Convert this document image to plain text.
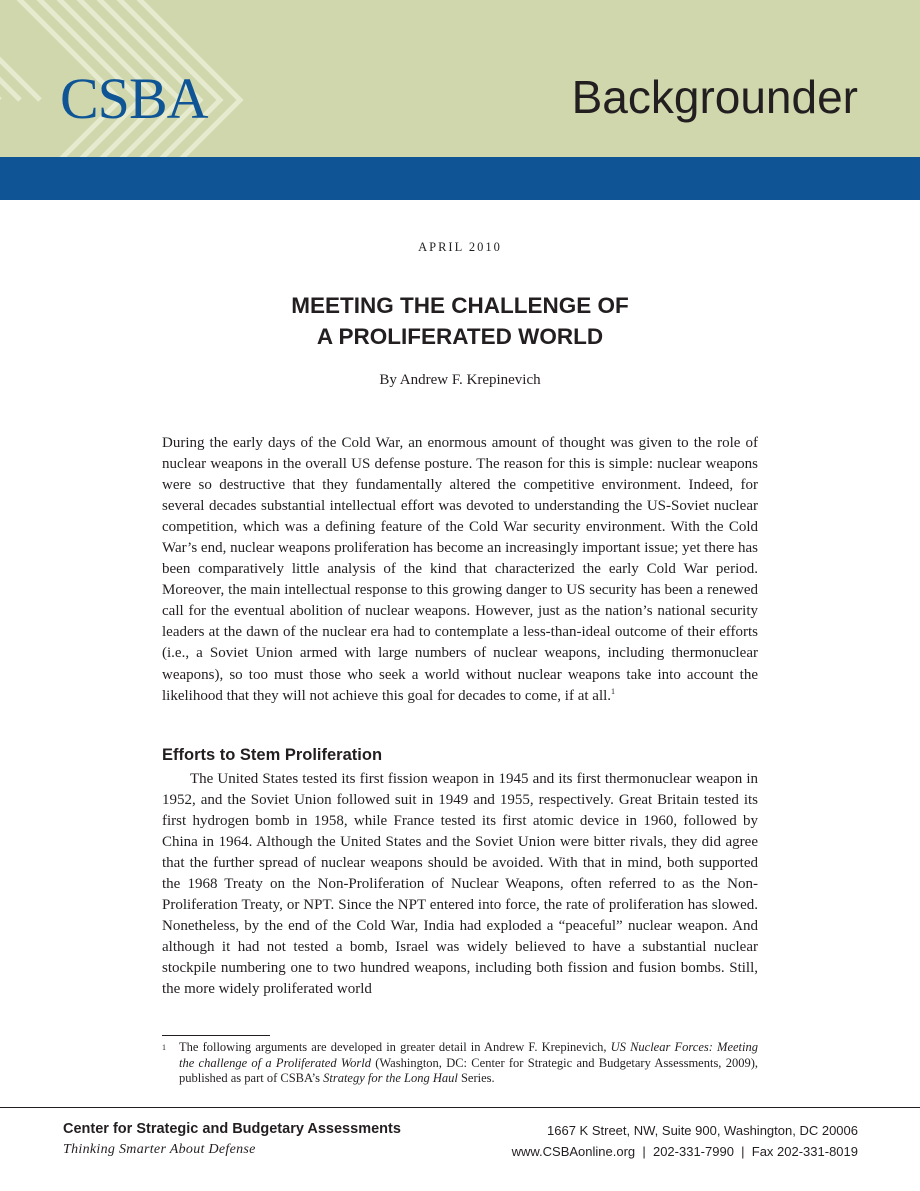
CSBA	Backgrounder
APRIL 2010
MEETING THE CHALLENGE OF
A PROLIFERATED WORLD
By Andrew F. Krepinevich
During the early days of the Cold War, an enormous amount of thought was given to the role of nuclear weapons in the overall US defense posture. The reason for this is simple: nuclear weapons were so destructive that they fundamentally altered the competitive environment. Indeed, for several decades substantial intellectual effort was devoted to understanding the US-Soviet nuclear competition, which was a defining feature of the Cold War security environment. With the Cold War’s end, nuclear weapons proliferation has become an increasingly important issue; yet there has been comparatively little analysis of the kind that characterized the early Cold War period. Moreover, the main intellectual response to this growing danger to US security has been a renewed call for the eventual abolition of nuclear weapons. However, just as the nation’s national security leaders at the dawn of the nuclear era had to contemplate a less-than-ideal outcome of their efforts (i.e., a Soviet Union armed with large numbers of nuclear weapons, including thermonuclear weapons), so too must those who seek a world without nuclear weapons take into account the likelihood that they will not achieve this goal for decades to come, if at all.$^1$
Efforts to Stem Proliferation
The United States tested its first fission weapon in 1945 and its first thermonuclear weapon in 1952, and the Soviet Union followed suit in 1949 and 1955, respectively. Great Britain tested its first hydrogen bomb in 1958, while France tested its first atomic device in 1960, followed by China in 1964. Although the United States and the Soviet Union were bitter rivals, they did agree that the further spread of nuclear weapons should be avoided. With that in mind, both supported the 1968 Treaty on the Non-Proliferation of Nuclear Weapons, often referred to as the Non-Proliferation Treaty, or NPT. Since the NPT entered into force, the rate of proliferation has slowed. Nonetheless, by the end of the Cold War, India had exploded a “peaceful” nuclear weapon. And although it had not tested a bomb, Israel was widely believed to have a substantial nuclear stockpile numbering one to two hundred weapons, including both fission and fusion bombs. Still, the more widely proliferated world
1 The following arguments are developed in greater detail in Andrew F. Krepinevich, US Nuclear Forces: Meeting the challenge of a Proliferated World (Washington, DC: Center for Strategic and Budgetary Assessments, 2009), published as part of CSBA’s Strategy for the Long Haul Series.
Center for Strategic and Budgetary Assessments
Thinking Smarter About Defense
1667 K Street, NW, Suite 900, Washington, DC 20006
www.CSBAonline.org  |  202-331-7990  |  Fax 202-331-8019
